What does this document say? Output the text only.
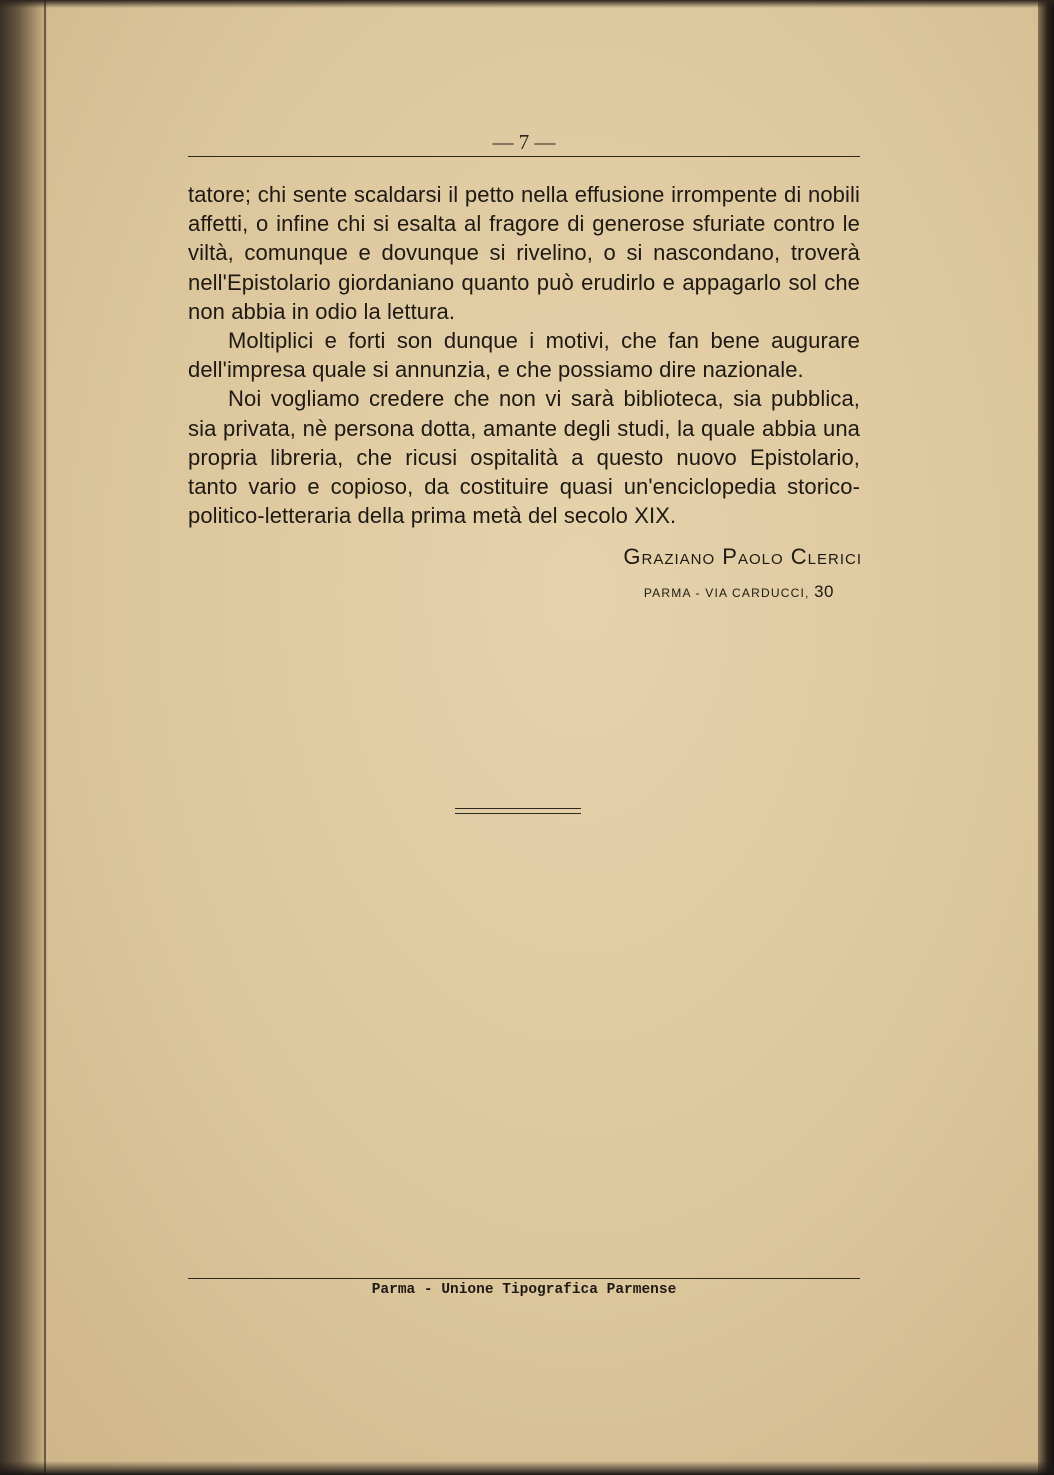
— 7 —

tatore; chi sente scaldarsi il petto nella effusione irrompente di nobili affetti, o infine chi si esalta al fragore di generose sfuriate contro le viltà, comunque e dovunque si rivelino, o si nascondano, troverà nell'Epistolario giordaniano quanto può erudirlo e appagarlo sol che non abbia in odio la lettura.

Moltiplici e forti son dunque i motivi, che fan bene augurare dell'impresa quale si annunzia, e che possiamo dire nazionale.

Noi vogliamo credere che non vi sarà biblioteca, sia pubblica, sia privata, nè persona dotta, amante degli studi, la quale abbia una propria libreria, che ricusi ospitalità a questo nuovo Epistolario, tanto vario e copioso, da costituire quasi un'enciclopedia storico-politico-letteraria della prima metà del secolo XIX.

Graziano Paolo Clerici
PARMA - VIA CARDUCCI, 30
Parma - Unione Tipografica Parmense
